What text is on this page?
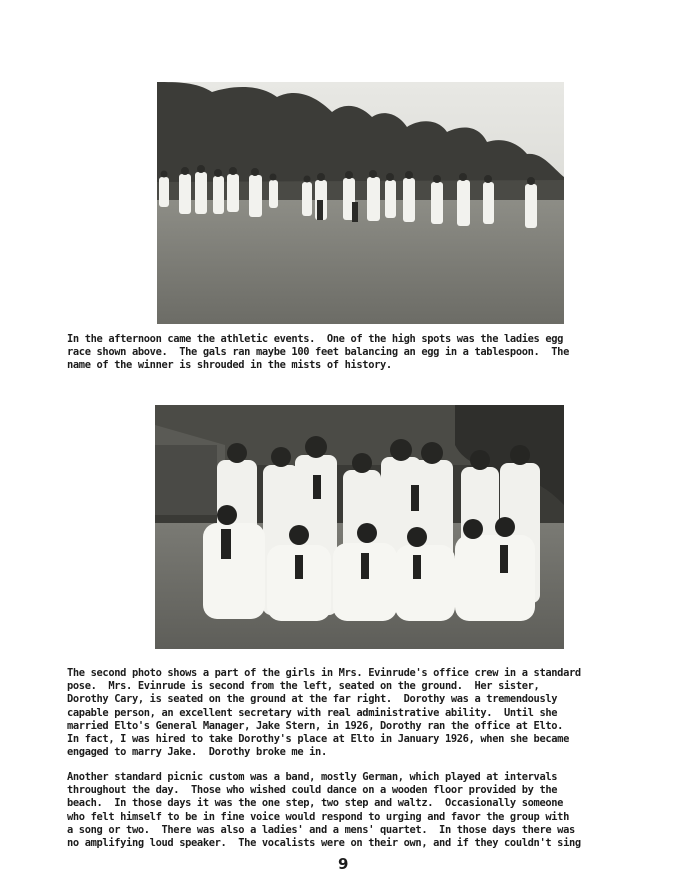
In the afternoon came the athletic events.  One of the high spots was the ladies egg
race shown above.  The gals ran maybe 100 feet balancing an egg in a tablespoon.  The
name of the winner is shrouded in the mists of history.

The second photo shows a part of the girls in Mrs. Evinrude's office crew in a standard
pose.  Mrs. Evinrude is second from the left, seated on the ground.  Her sister,
Dorothy Cary, is seated on the ground at the far right.  Dorothy was a tremendously
capable person, an excellent secretary with real administrative ability.  Until she
married Elto's General Manager, Jake Stern, in 1926, Dorothy ran the office at Elto.
In fact, I was hired to take Dorothy's place at Elto in January 1926, when she became
engaged to marry Jake.  Dorothy broke me in.

Another standard picnic custom was a band, mostly German, which played at intervals
throughout the day.  Those who wished could dance on a wooden floor provided by the
beach.  In those days it was the one step, two step and waltz.  Occasionally someone
who felt himself to be in fine voice would respond to urging and favor the group with
a song or two.  There was also a ladies' and a mens' quartet.  In those days there was
no amplifying loud speaker.  The vocalists were on their own, and if they couldn't sing

9
